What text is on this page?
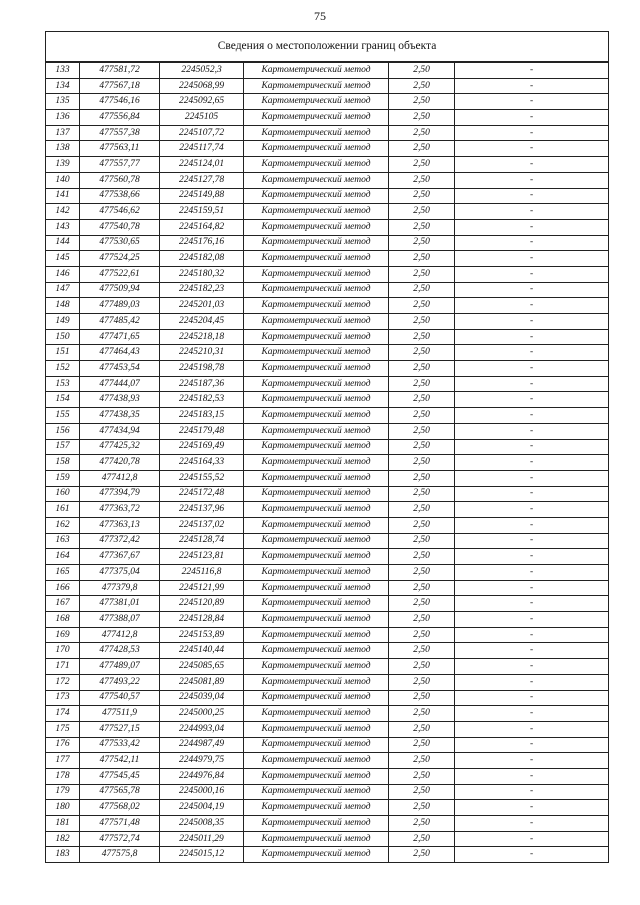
75
Сведения о местоположении границ объекта					
133	477581,72	2245052,3	Картометрический метод	2,50	-
134	477567,18	2245068,99	Картометрический метод	2,50	-
135	477546,16	2245092,65	Картометрический метод	2,50	-
136	477556,84	2245105	Картометрический метод	2,50	-
137	477557,38	2245107,72	Картометрический метод	2,50	-
138	477563,11	2245117,74	Картометрический метод	2,50	-
139	477557,77	2245124,01	Картометрический метод	2,50	-
140	477560,78	2245127,78	Картометрический метод	2,50	-
141	477538,66	2245149,88	Картометрический метод	2,50	-
142	477546,62	2245159,51	Картометрический метод	2,50	-
143	477540,78	2245164,82	Картометрический метод	2,50	-
144	477530,65	2245176,16	Картометрический метод	2,50	-
145	477524,25	2245182,08	Картометрический метод	2,50	-
146	477522,61	2245180,32	Картометрический метод	2,50	-
147	477509,94	2245182,23	Картометрический метод	2,50	-
148	477489,03	2245201,03	Картометрический метод	2,50	-
149	477485,42	2245204,45	Картометрический метод	2,50	-
150	477471,65	2245218,18	Картометрический метод	2,50	-
151	477464,43	2245210,31	Картометрический метод	2,50	-
152	477453,54	2245198,78	Картометрический метод	2,50	-
153	477444,07	2245187,36	Картометрический метод	2,50	-
154	477438,93	2245182,53	Картометрический метод	2,50	-
155	477438,35	2245183,15	Картометрический метод	2,50	-
156	477434,94	2245179,48	Картометрический метод	2,50	-
157	477425,32	2245169,49	Картометрический метод	2,50	-
158	477420,78	2245164,33	Картометрический метод	2,50	-
159	477412,8	2245155,52	Картометрический метод	2,50	-
160	477394,79	2245172,48	Картометрический метод	2,50	-
161	477363,72	2245137,96	Картометрический метод	2,50	-
162	477363,13	2245137,02	Картометрический метод	2,50	-
163	477372,42	2245128,74	Картометрический метод	2,50	-
164	477367,67	2245123,81	Картометрический метод	2,50	-
165	477375,04	2245116,8	Картометрический метод	2,50	-
166	477379,8	2245121,99	Картометрический метод	2,50	-
167	477381,01	2245120,89	Картометрический метод	2,50	-
168	477388,07	2245128,84	Картометрический метод	2,50	-
169	477412,8	2245153,89	Картометрический метод	2,50	-
170	477428,53	2245140,44	Картометрический метод	2,50	-
171	477489,07	2245085,65	Картометрический метод	2,50	-
172	477493,22	2245081,89	Картометрический метод	2,50	-
173	477540,57	2245039,04	Картометрический метод	2,50	-
174	477511,9	2245000,25	Картометрический метод	2,50	-
175	477527,15	2244993,04	Картометрический метод	2,50	-
176	477533,42	2244987,49	Картометрический метод	2,50	-
177	477542,11	2244979,75	Картометрический метод	2,50	-
178	477545,45	2244976,84	Картометрический метод	2,50	-
179	477565,78	2245000,16	Картометрический метод	2,50	-
180	477568,02	2245004,19	Картометрический метод	2,50	-
181	477571,48	2245008,35	Картометрический метод	2,50	-
182	477572,74	2245011,29	Картометрический метод	2,50	-
183	477575,8	2245015,12	Картометрический метод	2,50	-
